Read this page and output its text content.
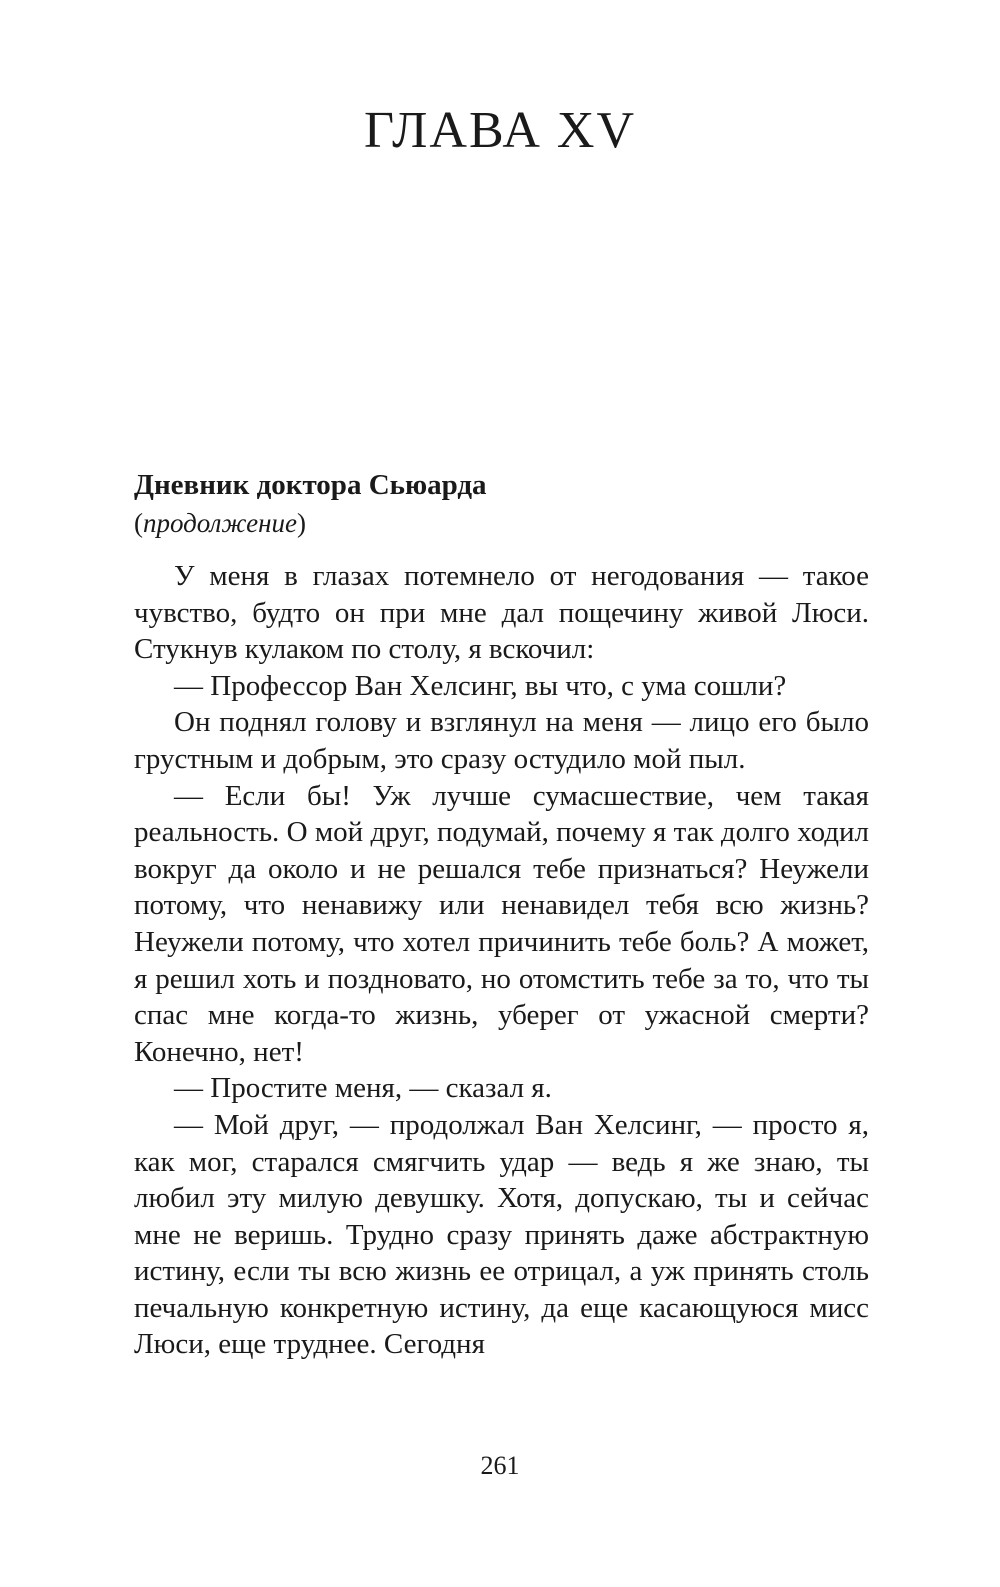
ГЛАВА XV

Дневник доктора Сьюарда

(продолжение)

У меня в глазах потемнело от негодования — такое чувство, будто он при мне дал пощечину живой Люси. Стукнув кулаком по столу, я вскочил:

— Профессор Ван Хелсинг, вы что, с ума сошли?

Он поднял голову и взглянул на меня — лицо его было грустным и добрым, это сразу остудило мой пыл.

— Если бы! Уж лучше сумасшествие, чем такая реальность. О мой друг, подумай, почему я так долго ходил вокруг да около и не решался тебе признаться? Неужели потому, что ненавижу или ненавидел тебя всю жизнь? Неужели потому, что хотел причинить тебе боль? А может, я решил хоть и поздновато, но отомстить тебе за то, что ты спас мне когда-то жизнь, уберег от ужасной смерти? Конечно, нет!

— Простите меня, — сказал я.

— Мой друг, — продолжал Ван Хелсинг, — просто я, как мог, старался смягчить удар — ведь я же знаю, ты любил эту милую девушку. Хотя, допускаю, ты и сейчас мне не веришь. Трудно сразу принять даже абстрактную истину, если ты всю жизнь ее отрицал, а уж принять столь печальную конкретную истину, да еще касающуюся мисс Люси, еще труднее. Сегодня

261
